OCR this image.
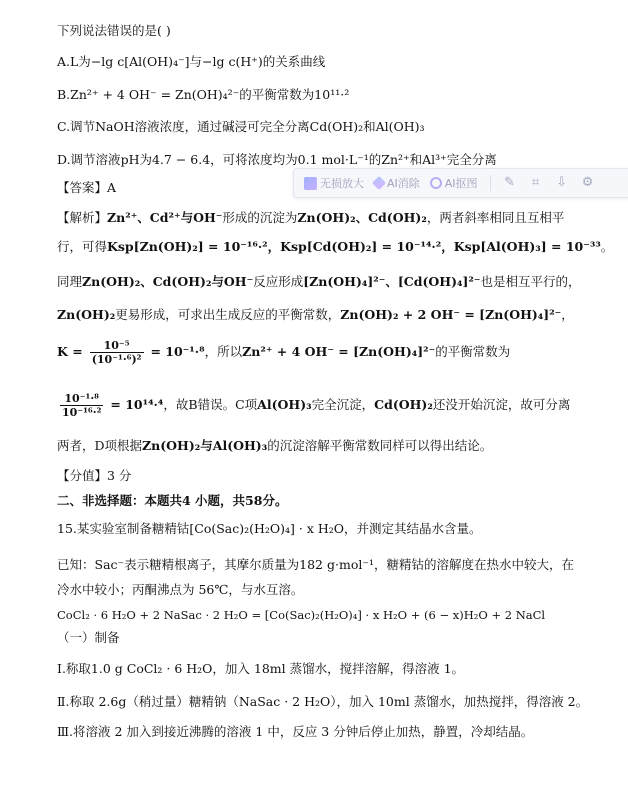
下列说法错误的是( )
A.L为−lg c[Al(OH)₄⁻]与−lg c(H⁺)的关系曲线
B.Zn²⁺ + 4 OH⁻ = Zn(OH)₄²⁻的平衡常数为10¹¹·²
C.调节NaOH溶液浓度，通过碱浸可完全分离Cd(OH)₂和Al(OH)₃
D.调节溶液pH为4.7 − 6.4，可将浓度均为0.1 mol·L⁻¹的Zn²⁺和Al³⁺完全分离
无损放大 AI消除 AI抠图 ✎ ⌗ ⇩ ⚙
【答案】A
【解析】Zn²⁺、Cd²⁺与OH⁻形成的沉淀为Zn(OH)₂、Cd(OH)₂，两者斜率相同且互相平
行，可得Ksp[Zn(OH)₂] = 10⁻¹⁶·²，Ksp[Cd(OH)₂] = 10⁻¹⁴·²，Ksp[Al(OH)₃] = 10⁻³³。
同理Zn(OH)₂、Cd(OH)₂与OH⁻反应形成[Zn(OH)₄]²⁻、[Cd(OH)₄]²⁻也是相互平行的，
Zn(OH)₂更易形成，可求出生成反应的平衡常数，Zn(OH)₂ + 2 OH⁻ = [Zn(OH)₄]²⁻，
$K = \frac{\text{10⁻⁵}}{\text{(10⁻¹·⁶)²}} = 10^{-1}\cdot^8$，所以Zn²⁺ + 4 OH⁻ = [Zn(OH)₄]²⁻的平衡常数为
$\frac{\text{10⁻¹·⁸}}{\text{10⁻¹⁶·²}} = 10^{14}\cdot^4$，故B错误。C项Al(OH)₃完全沉淀，Cd(OH)₂还没开始沉淀，故可分离
两者，D项根据Zn(OH)₂与Al(OH)₃的沉淀溶解平衡常数同样可以得出结论。
【分值】3 分
二、非选择题：本题共4 小题，共58分。
15.某实验室制备糖精钴[Co(Sac)₂(H₂O)₄] · x H₂O，并测定其结晶水含量。
已知：Sac⁻表示糖精根离子，其摩尔质量为182 g·mol⁻¹，糖精钴的溶解度在热水中较大，在
冷水中较小；丙酮沸点为 56℃，与水互溶。
CoCl₂ · 6 H₂O + 2 NaSac · 2 H₂O = [Co(Sac)₂(H₂O)₄] · x H₂O + (6 − x)H₂O + 2 NaCl
（一）制备
Ⅰ.称取1.0 g CoCl₂ · 6 H₂O，加入 18ml 蒸馏水，搅拌溶解，得溶液 1。
Ⅱ.称取 2.6g（稍过量）糖精钠（NaSac · 2 H₂O），加入 10ml 蒸馏水，加热搅拌，得溶液 2。
Ⅲ.将溶液 2 加入到接近沸腾的溶液 1 中，反应 3 分钟后停止加热，静置，冷却结晶。
